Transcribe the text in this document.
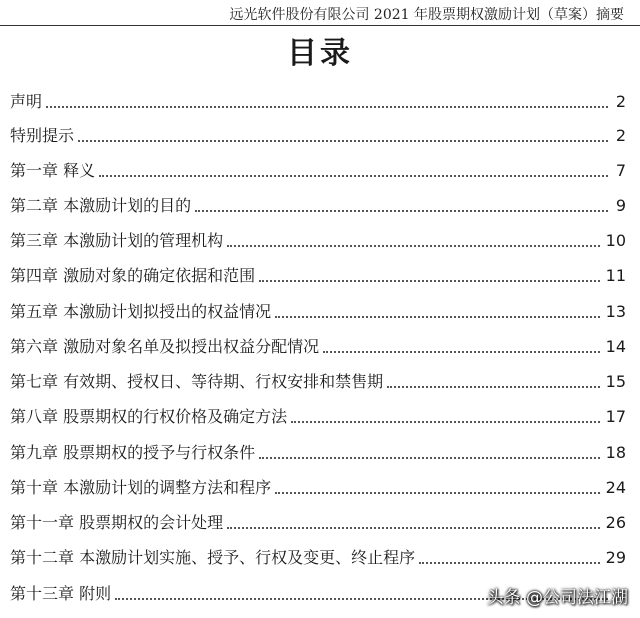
远光软件股份有限公司 2021 年股票期权激励计划（草案）摘要
目录
声明	2
特别提示	2
第一章 释义	7
第二章 本激励计划的目的	9
第三章 本激励计划的管理机构	10
第四章 激励对象的确定依据和范围	11
第五章 本激励计划拟授出的权益情况	13
第六章 激励对象名单及拟授出权益分配情况	14
第七章 有效期、授权日、等待期、行权安排和禁售期	15
第八章 股票期权的行权价格及确定方法	17
第九章 股票期权的授予与行权条件	18
第十章 本激励计划的调整方法和程序	24
第十一章 股票期权的会计处理	26
第十二章 本激励计划实施、授予、行权及变更、终止程序	29
第十三章 附则	头条 @公司法江湖
